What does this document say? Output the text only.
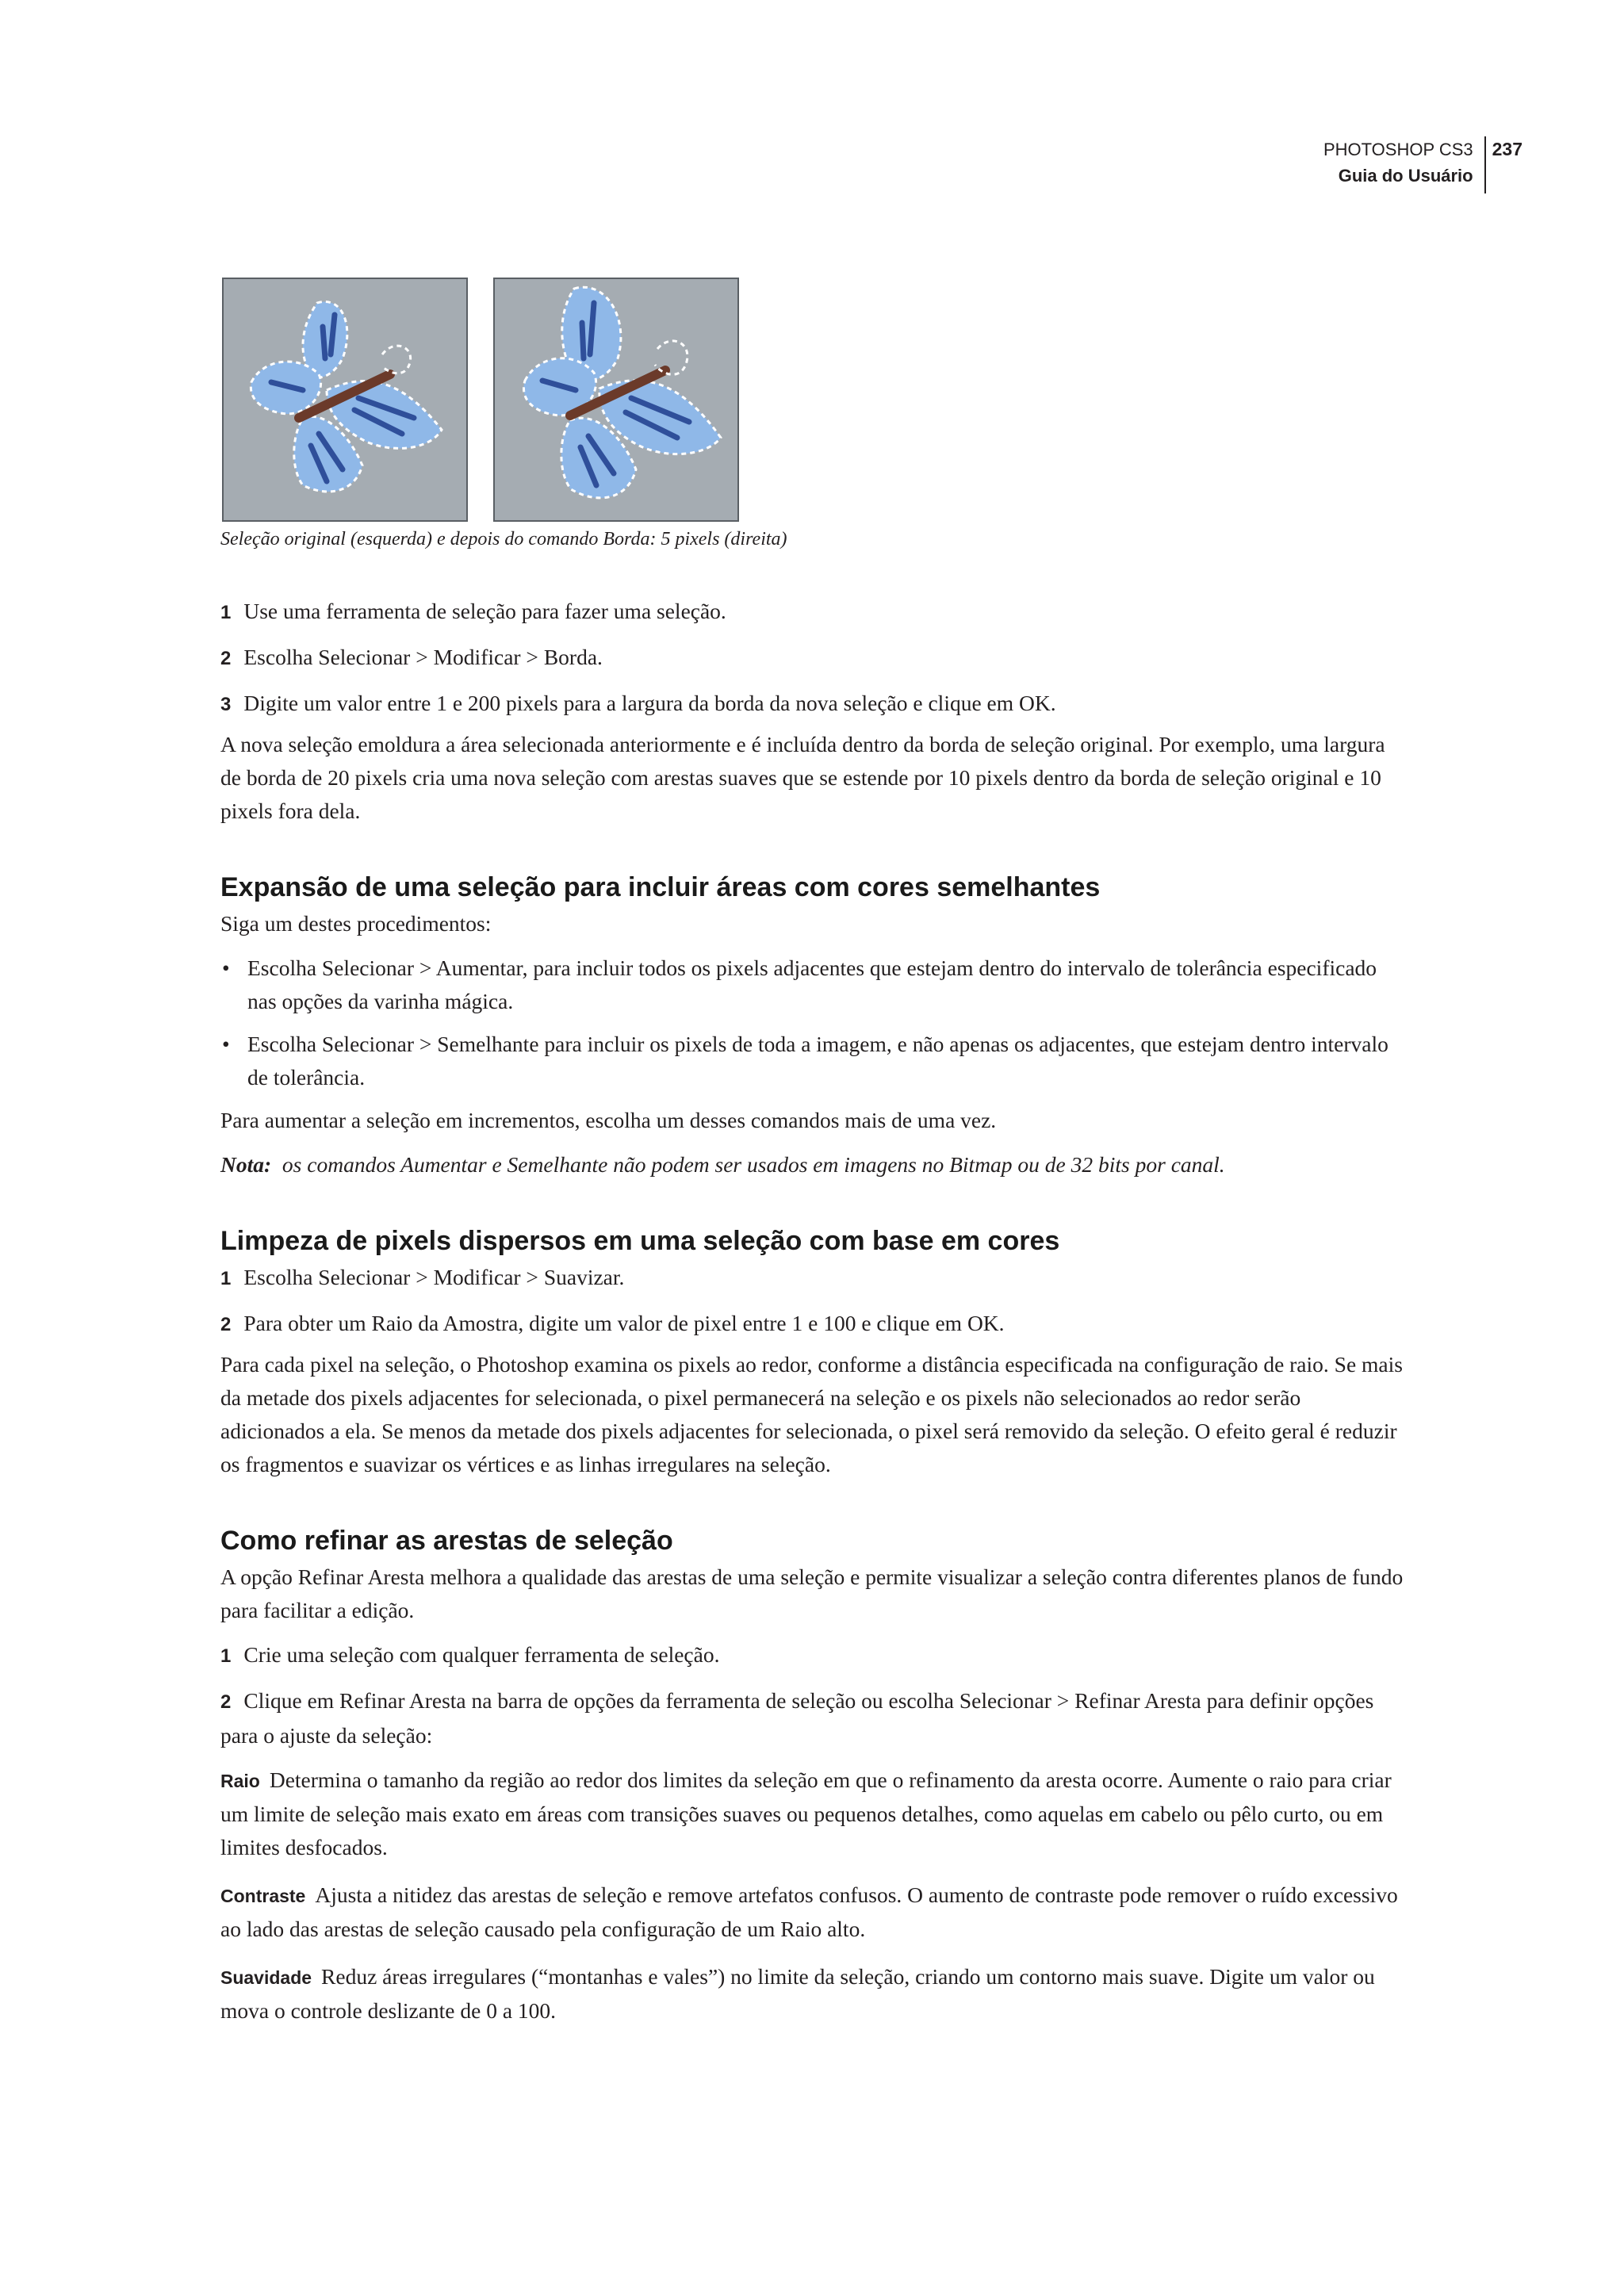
PHOTOSHOP CS3
Guia do Usuário
237
Seleção original (esquerda) e depois do comando Borda: 5 pixels (direita)

1 Use uma ferramenta de seleção para fazer uma seleção.

2 Escolha Selecionar > Modificar > Borda.

3 Digite um valor entre 1 e 200 pixels para a largura da borda da nova seleção e clique em OK.

A nova seleção emoldura a área selecionada anteriormente e é incluída dentro da borda de seleção original. Por exemplo, uma largura de borda de 20 pixels cria uma nova seleção com arestas suaves que se estende por 10 pixels dentro da borda de seleção original e 10 pixels fora dela.

Expansão de uma seleção para incluir áreas com cores semelhantes

Siga um destes procedimentos:

• Escolha Selecionar > Aumentar, para incluir todos os pixels adjacentes que estejam dentro do intervalo de tolerância especificado nas opções da varinha mágica.

• Escolha Selecionar > Semelhante para incluir os pixels de toda a imagem, e não apenas os adjacentes, que estejam dentro intervalo de tolerância.

Para aumentar a seleção em incrementos, escolha um desses comandos mais de uma vez.

Nota: os comandos Aumentar e Semelhante não podem ser usados em imagens no Bitmap ou de 32 bits por canal.

Limpeza de pixels dispersos em uma seleção com base em cores

1 Escolha Selecionar > Modificar > Suavizar.

2 Para obter um Raio da Amostra, digite um valor de pixel entre 1 e 100 e clique em OK.

Para cada pixel na seleção, o Photoshop examina os pixels ao redor, conforme a distância especificada na configuração de raio. Se mais da metade dos pixels adjacentes for selecionada, o pixel permanecerá na seleção e os pixels não selecionados ao redor serão adicionados a ela. Se menos da metade dos pixels adjacentes for selecionada, o pixel será removido da seleção. O efeito geral é reduzir os fragmentos e suavizar os vértices e as linhas irregulares na seleção.

Como refinar as arestas de seleção

A opção Refinar Aresta melhora a qualidade das arestas de uma seleção e permite visualizar a seleção contra diferentes planos de fundo para facilitar a edição.

1 Crie uma seleção com qualquer ferramenta de seleção.

2 Clique em Refinar Aresta na barra de opções da ferramenta de seleção ou escolha Selecionar > Refinar Aresta para definir opções para o ajuste da seleção:

Raio Determina o tamanho da região ao redor dos limites da seleção em que o refinamento da aresta ocorre. Aumente o raio para criar um limite de seleção mais exato em áreas com transições suaves ou pequenos detalhes, como aquelas em cabelo ou pêlo curto, ou em limites desfocados.

Contraste Ajusta a nitidez das arestas de seleção e remove artefatos confusos. O aumento de contraste pode remover o ruído excessivo ao lado das arestas de seleção causado pela configuração de um Raio alto.

Suavidade Reduz áreas irregulares (“montanhas e vales”) no limite da seleção, criando um contorno mais suave. Digite um valor ou mova o controle deslizante de 0 a 100.
